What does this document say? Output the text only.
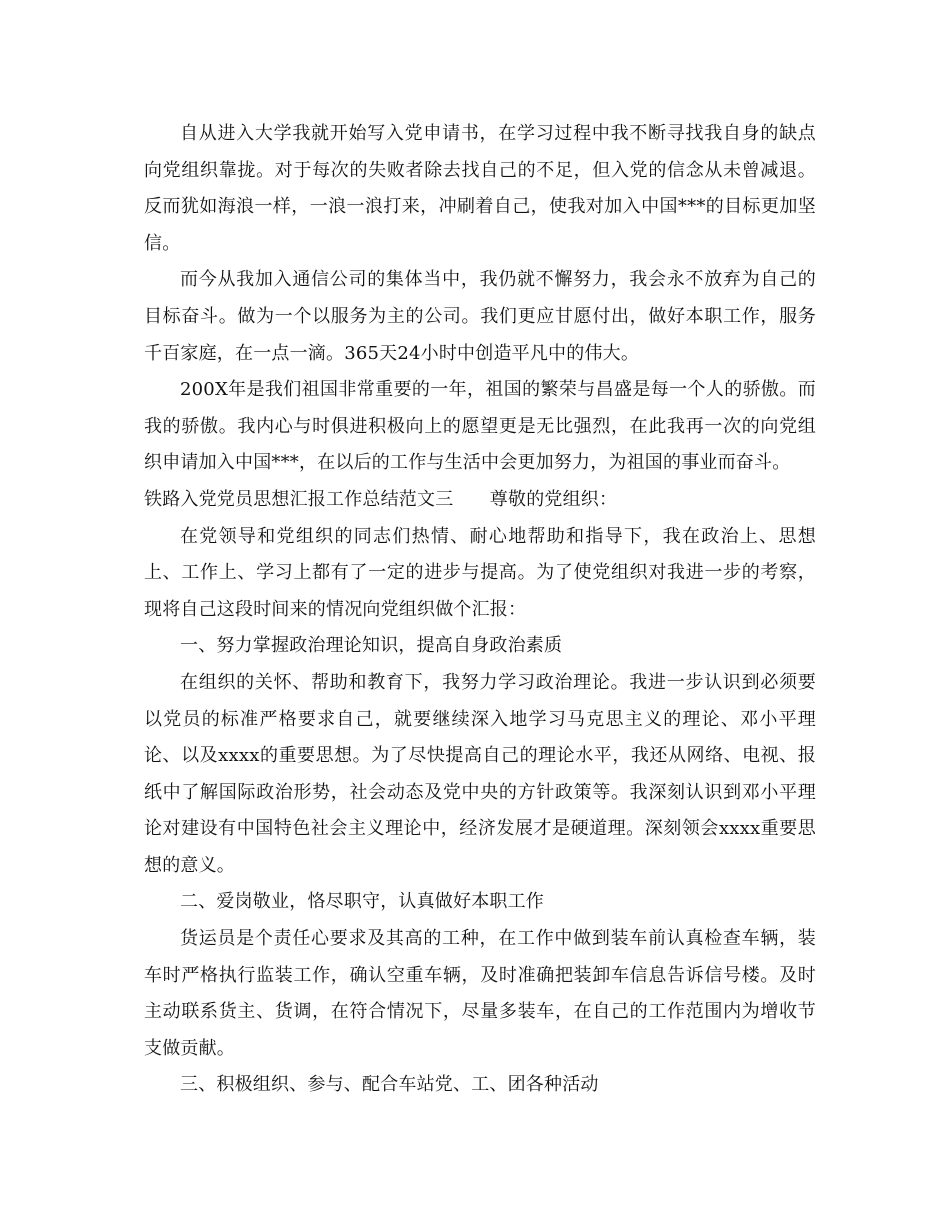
自从进入大学我就开始写入党申请书，在学习过程中我不断寻找我自身的缺点向党组织靠拢。对于每次的失败者除去找自己的不足，但入党的信念从未曾减退。反而犹如海浪一样，一浪一浪打来，冲刷着自己，使我对加入中国***的目标更加坚信。

而今从我加入通信公司的集体当中，我仍就不懈努力，我会永不放弃为自己的目标奋斗。做为一个以服务为主的公司。我们更应甘愿付出，做好本职工作，服务千百家庭，在一点一滴。365天24小时中创造平凡中的伟大。

200X年是我们祖国非常重要的一年，祖国的繁荣与昌盛是每一个人的骄傲。而我的骄傲。我内心与时俱进积极向上的愿望更是无比强烈，在此我再一次的向党组织申请加入中国***，在以后的工作与生活中会更加努力，为祖国的事业而奋斗。

铁路入党党员思想汇报工作总结范文三　　尊敬的党组织：

在党领导和党组织的同志们热情、耐心地帮助和指导下，我在政治上、思想上、工作上、学习上都有了一定的进步与提高。为了使党组织对我进一步的考察，现将自己这段时间来的情况向党组织做个汇报：

一、努力掌握政治理论知识，提高自身政治素质

在组织的关怀、帮助和教育下，我努力学习政治理论。我进一步认识到必须要以党员的标准严格要求自己，就要继续深入地学习马克思主义的理论、邓小平理论、以及xxxx的重要思想。为了尽快提高自己的理论水平，我还从网络、电视、报纸中了解国际政治形势，社会动态及党中央的方针政策等。我深刻认识到邓小平理论对建设有中国特色社会主义理论中，经济发展才是硬道理。深刻领会xxxx重要思想的意义。

二、爱岗敬业，恪尽职守，认真做好本职工作

货运员是个责任心要求及其高的工种，在工作中做到装车前认真检查车辆，装车时严格执行监装工作，确认空重车辆，及时准确把装卸车信息告诉信号楼。及时主动联系货主、货调，在符合情况下，尽量多装车，在自己的工作范围内为增收节支做贡献。

三、积极组织、参与、配合车站党、工、团各种活动
